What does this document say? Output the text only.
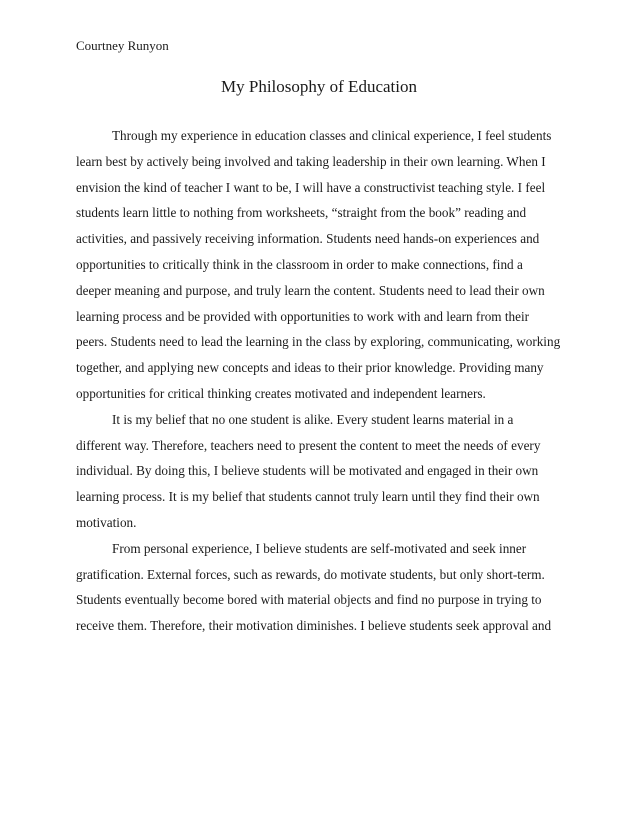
Courtney Runyon
My Philosophy of Education
Through my experience in education classes and clinical experience, I feel students
learn best by actively being involved and taking leadership in their own learning. When I
envision the kind of teacher I want to be, I will have a constructivist teaching style. I feel
students learn little to nothing from worksheets, “straight from the book” reading and
activities, and passively receiving information. Students need hands-on experiences and
opportunities to critically think in the classroom in order to make connections, find a
deeper meaning and purpose, and truly learn the content. Students need to lead their own
learning process and be provided with opportunities to work with and learn from their
peers. Students need to lead the learning in the class by exploring, communicating, working
together, and applying new concepts and ideas to their prior knowledge. Providing many
opportunities for critical thinking creates motivated and independent learners.
It is my belief that no one student is alike. Every student learns material in a
different way. Therefore, teachers need to present the content to meet the needs of every
individual. By doing this, I believe students will be motivated and engaged in their own
learning process. It is my belief that students cannot truly learn until they find their own
motivation.
From personal experience, I believe students are self-motivated and seek inner
gratification. External forces, such as rewards, do motivate students, but only short-term.
Students eventually become bored with material objects and find no purpose in trying to
receive them. Therefore, their motivation diminishes. I believe students seek approval and
